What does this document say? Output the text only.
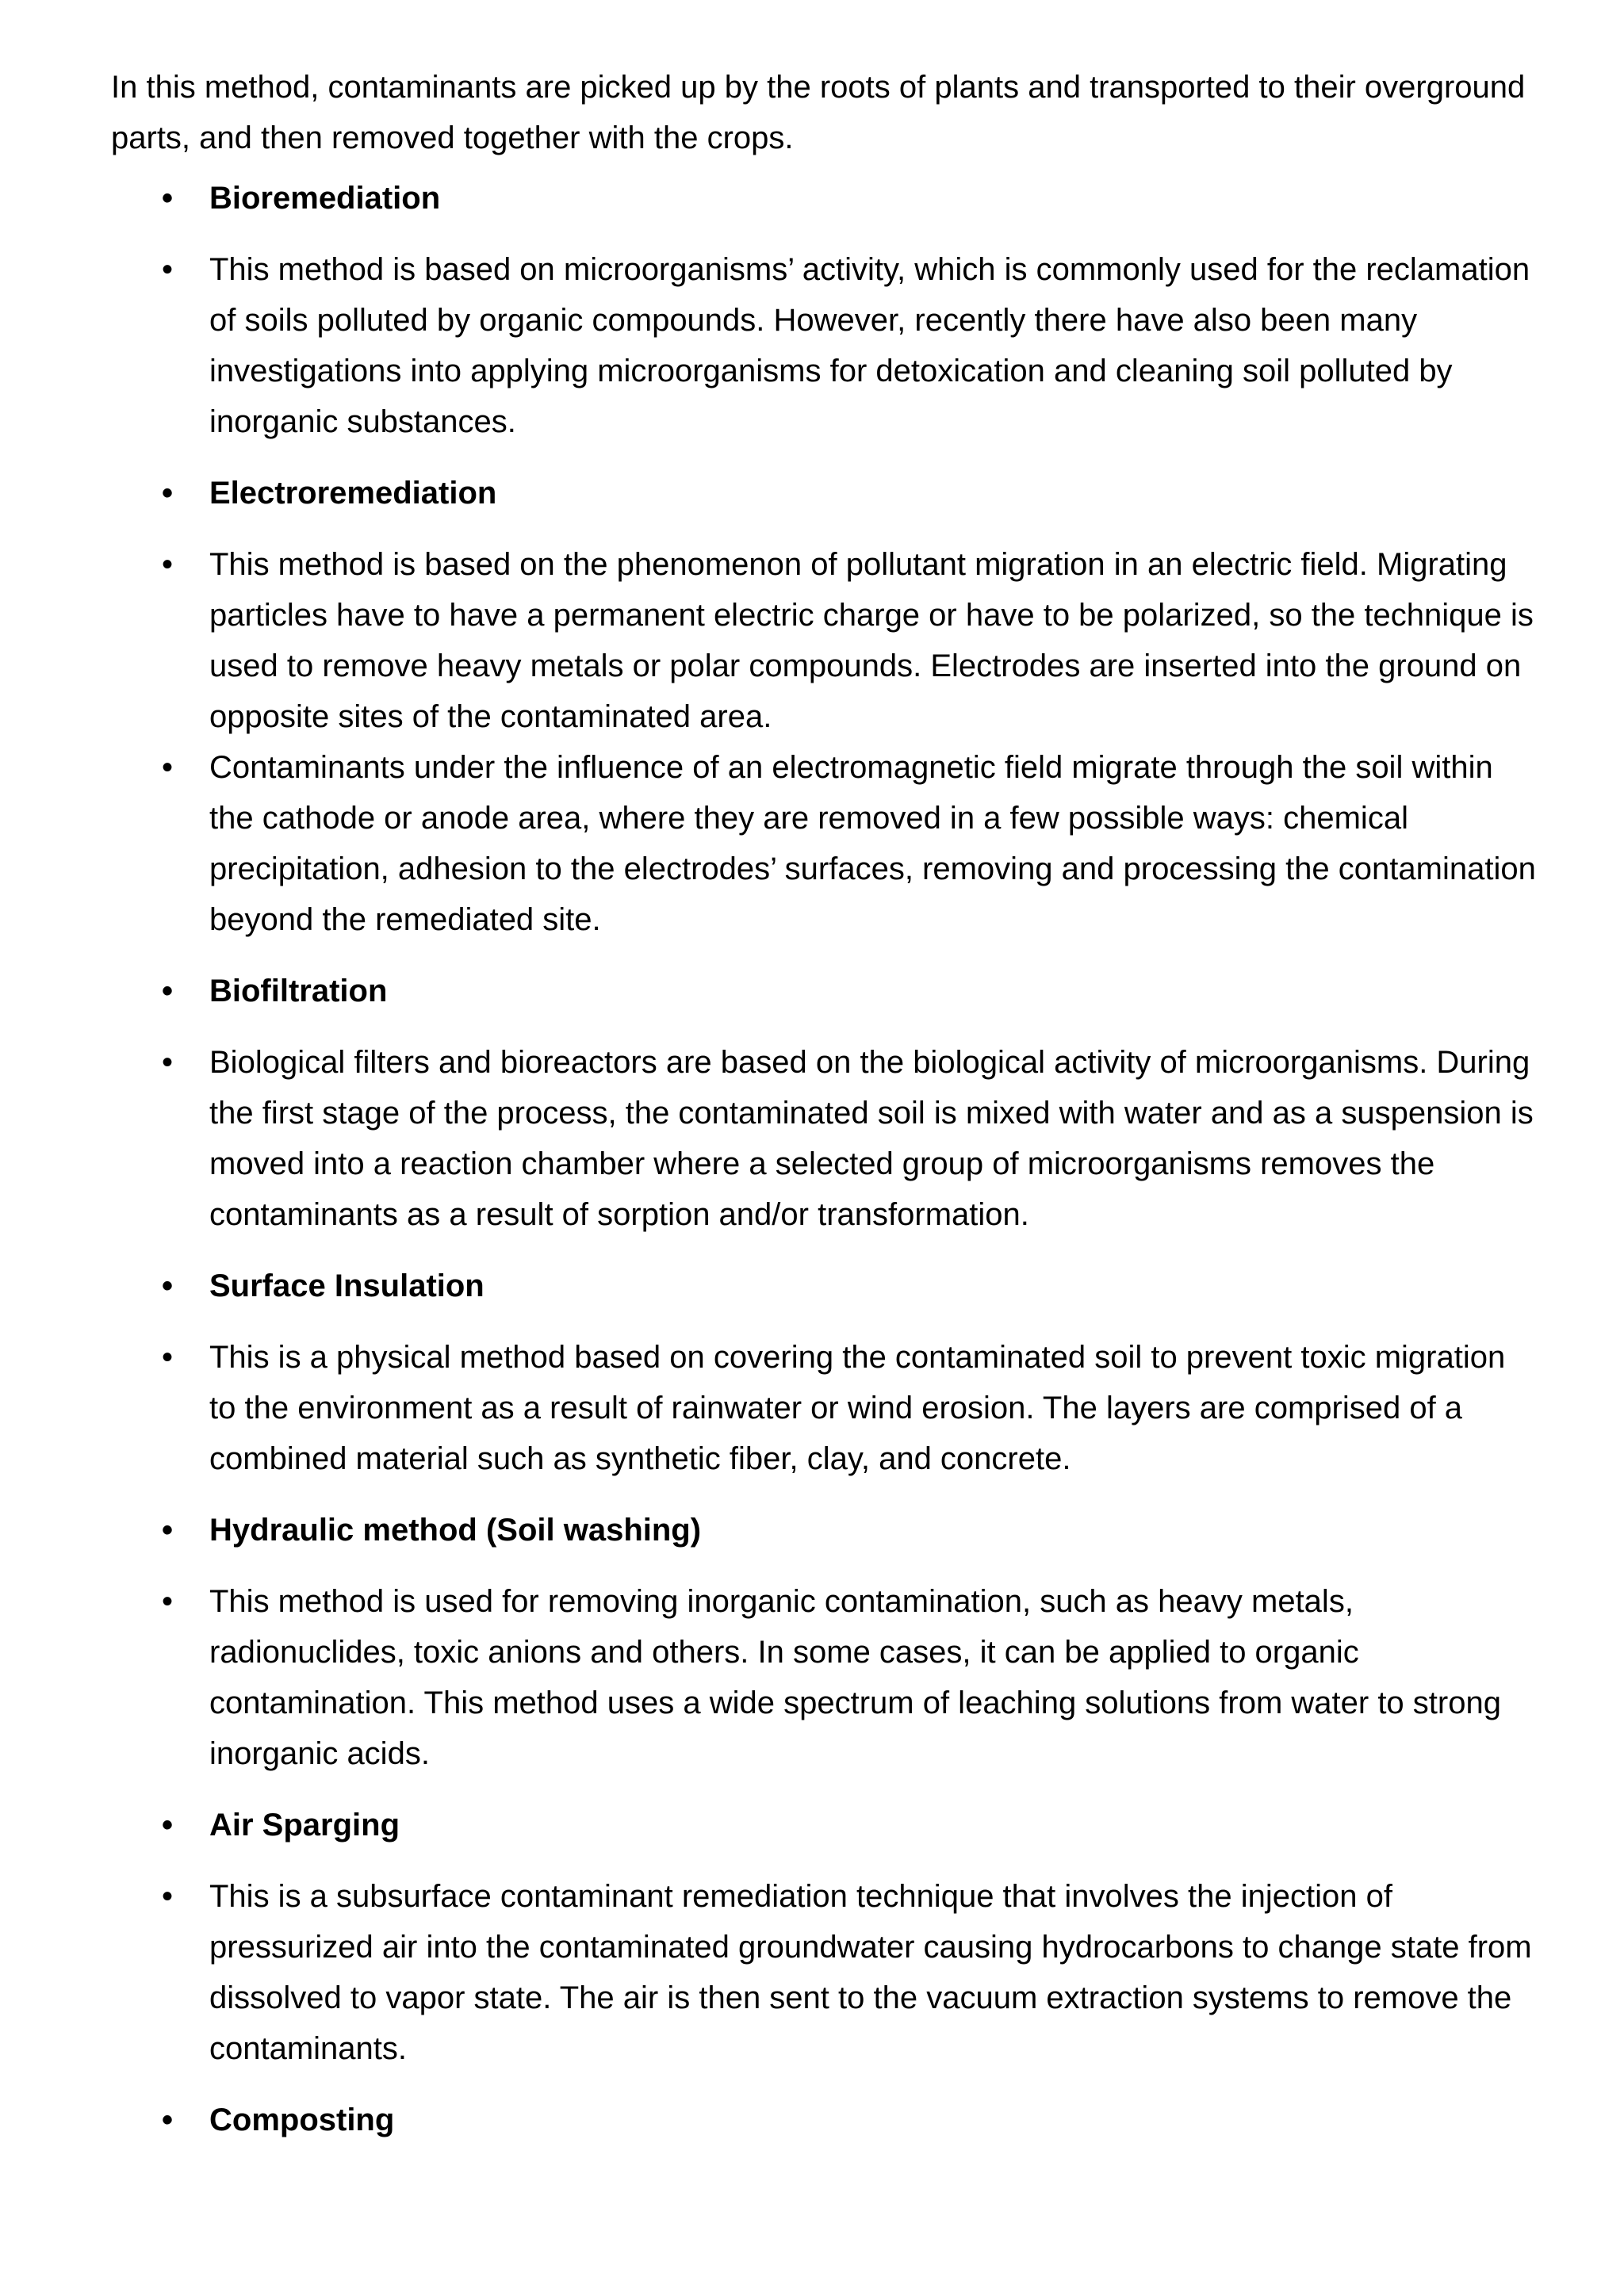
In this method, contaminants are picked up by the roots of plants and transported to their overground parts, and then removed together with the crops.

• Bioremediation
• This method is based on microorganisms’ activity, which is commonly used for the reclamation of soils polluted by organic compounds. However, recently there have also been many investigations into applying microorganisms for detoxication and cleaning soil polluted by inorganic substances.
• Electroremediation
• This method is based on the phenomenon of pollutant migration in an electric field. Migrating particles have to have a permanent electric charge or have to be polarized, so the technique is used to remove heavy metals or polar compounds. Electrodes are inserted into the ground on opposite sites of the contaminated area.
• Contaminants under the influence of an electromagnetic field migrate through the soil within the cathode or anode area, where they are removed in a few possible ways: chemical precipitation, adhesion to the electrodes’ surfaces, removing and processing the contamination beyond the remediated site.
• Biofiltration
• Biological filters and bioreactors are based on the biological activity of microorganisms. During the first stage of the process, the contaminated soil is mixed with water and as a suspension is moved into a reaction chamber where a selected group of microorganisms removes the contaminants as a result of sorption and/or transformation.
• Surface Insulation
• This is a physical method based on covering the contaminated soil to prevent toxic migration to the environment as a result of rainwater or wind erosion. The layers are comprised of a combined material such as synthetic fiber, clay, and concrete.
• Hydraulic method (Soil washing)
• This method is used for removing inorganic contamination, such as heavy metals, radionuclides, toxic anions and others. In some cases, it can be applied to organic contamination. This method uses a wide spectrum of leaching solutions from water to strong inorganic acids.
• Air Sparging
• This is a subsurface contaminant remediation technique that involves the injection of pressurized air into the contaminated groundwater causing hydrocarbons to change state from dissolved to vapor state. The air is then sent to the vacuum extraction systems to remove the contaminants.
• Composting
